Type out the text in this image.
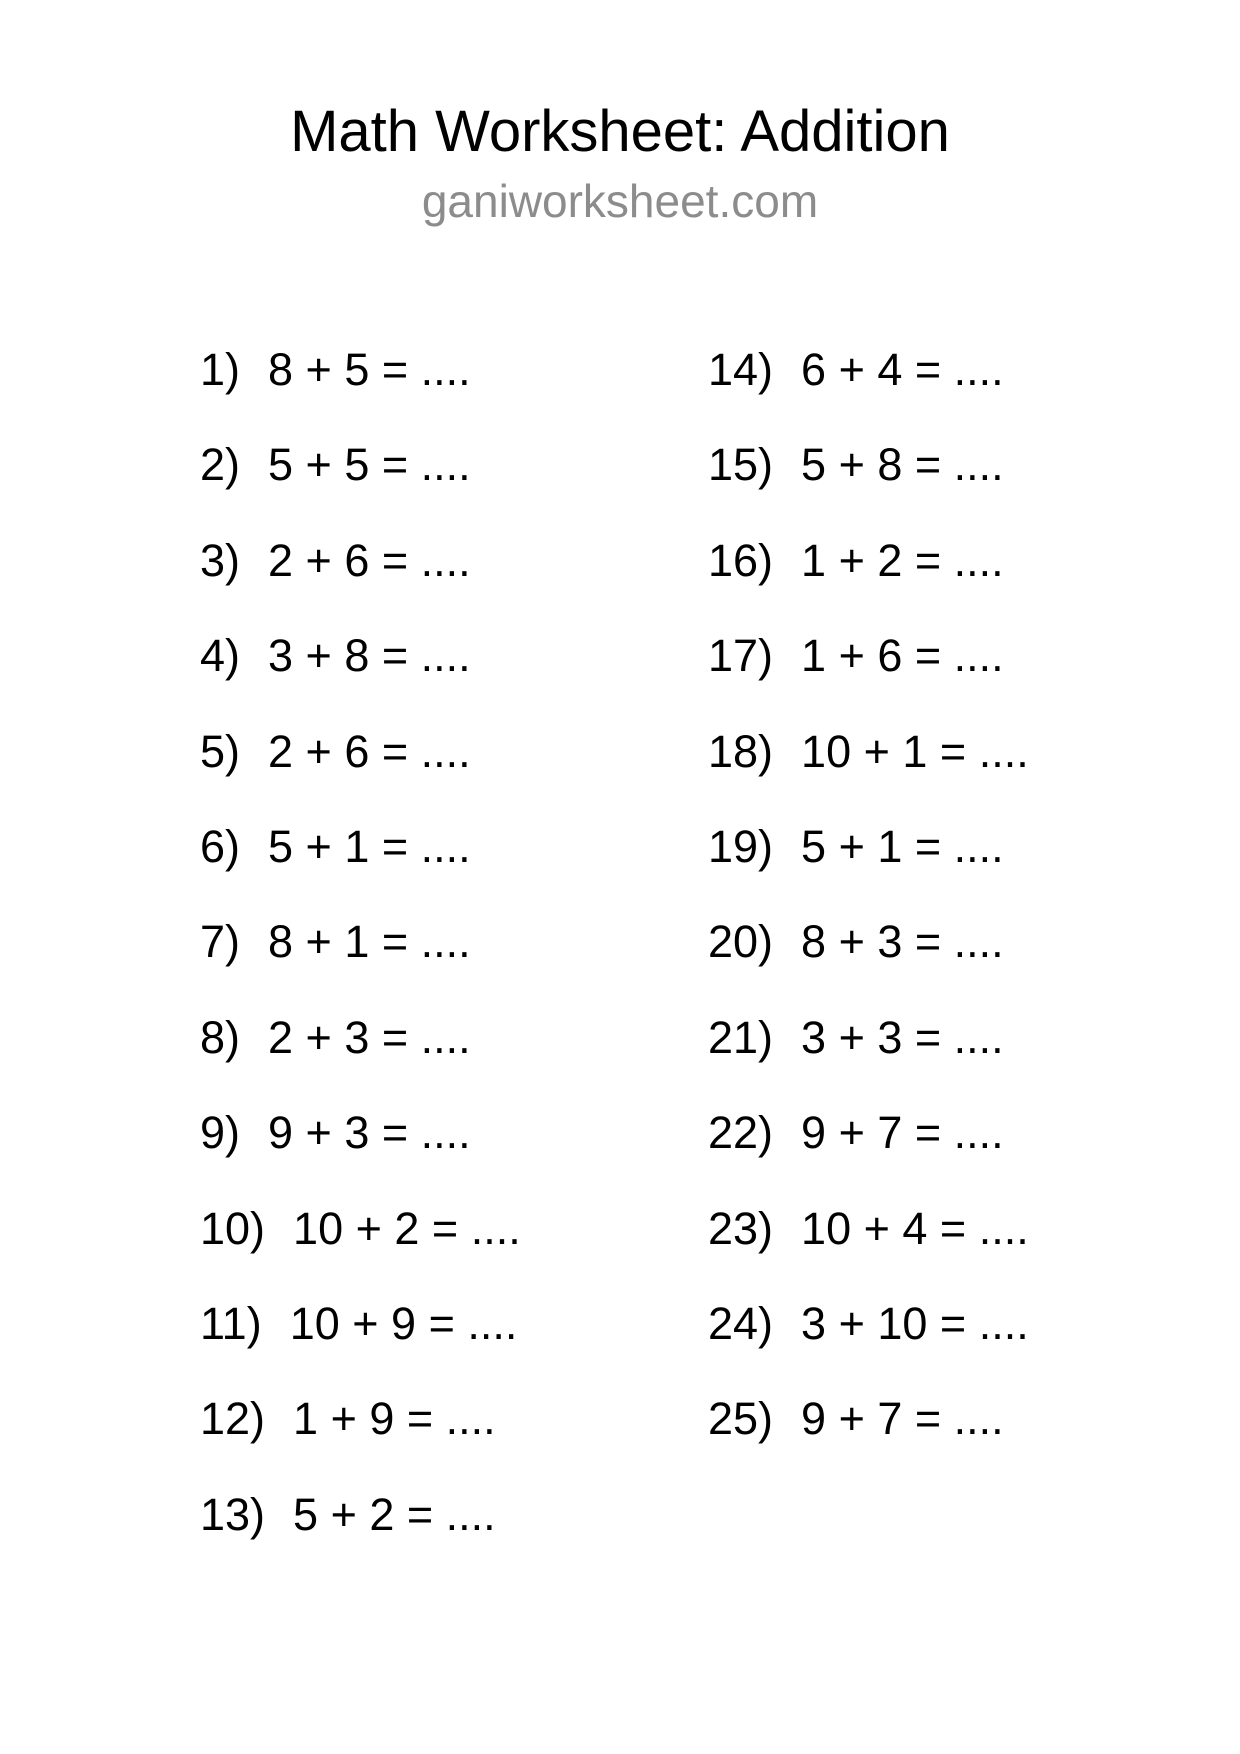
Math Worksheet: Addition
ganiworksheet.com
1) 8 + 5 = ....
2) 5 + 5 = ....
3) 2 + 6 = ....
4) 3 + 8 = ....
5) 2 + 6 = ....
6) 5 + 1 = ....
7) 8 + 1 = ....
8) 2 + 3 = ....
9) 9 + 3 = ....
10) 10 + 2 = ....
11) 10 + 9 = ....
12) 1 + 9 = ....
13) 5 + 2 = ....
14) 6 + 4 = ....
15) 5 + 8 = ....
16) 1 + 2 = ....
17) 1 + 6 = ....
18) 10 + 1 = ....
19) 5 + 1 = ....
20) 8 + 3 = ....
21) 3 + 3 = ....
22) 9 + 7 = ....
23) 10 + 4 = ....
24) 3 + 10 = ....
25) 9 + 7 = ....
